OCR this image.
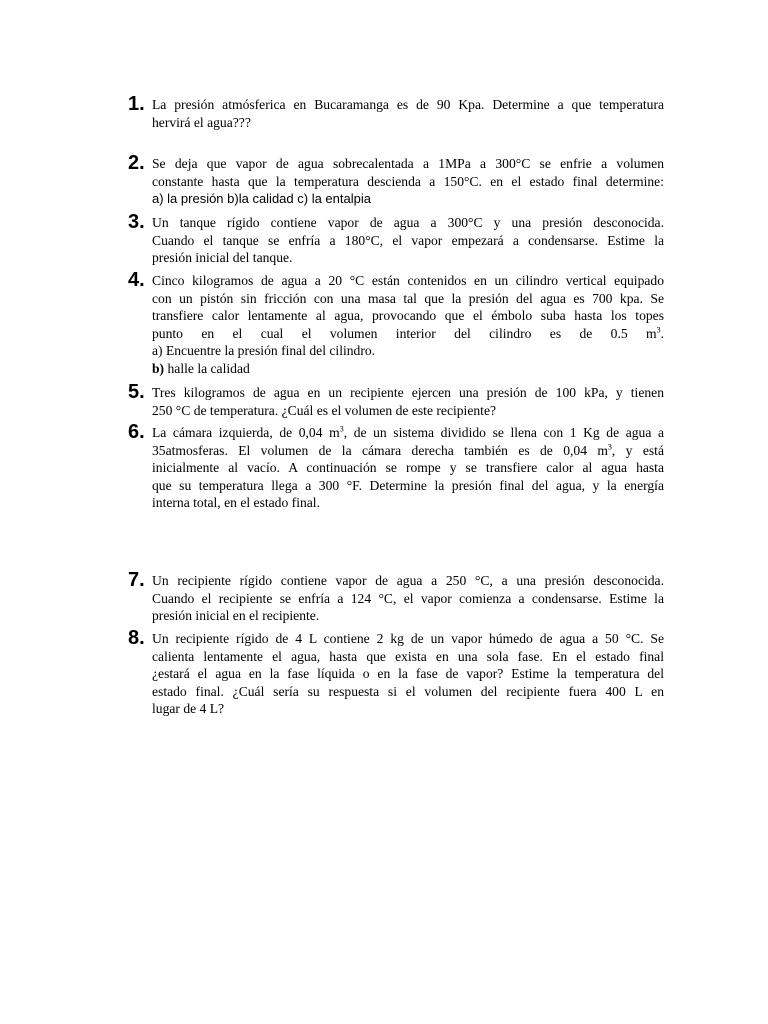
1. La presión atmósferica en Bucaramanga es de 90 Kpa. Determine a que temperatura
hervirá el agua???
2. Se deja que vapor de agua sobrecalentada a 1MPa a 300°C se enfrie a volumen
constante hasta que la temperatura descienda a 150°C. en el estado final determine:
a) la presión b)la calidad c) la entalpia
3. Un tanque rígido contiene vapor de agua a 300°C y una presión desconocida.
Cuando el tanque se enfría a 180°C, el vapor empezará a condensarse. Estime la
presión inicial del tanque.
4. Cinco kilogramos de agua a 20 °C están contenidos en un cilindro vertical equipado
con un pistón sin fricción con una masa tal que la presión del agua es 700 kpa. Se
transfiere calor lentamente al agua, provocando que el émbolo suba hasta los topes
punto en el cual el volumen interior del cilindro es de 0.5 $m^3$.
a) Encuentre la presión final del cilindro.
b) halle la calidad
5. Tres kilogramos de agua en un recipiente ejercen una presión de 100 kPa, y tienen
250 °C de temperatura. ¿Cuál es el volumen de este recipiente?
6. La cámara izquierda, de 0,04 $m^3$, de un sistema dividido se llena con 1 Kg de agua a
35atmosferas. El volumen de la cámara derecha también es de 0,04 $m^3$, y está
inicialmente al vacío. A continuación se rompe y se transfiere calor al agua hasta
que su temperatura llega a 300 °F. Determine la presión final del agua, y la energía
interna total, en el estado final.
7. Un recipiente rígido contiene vapor de agua a 250 °C, a una presión desconocida.
Cuando el recipiente se enfría a 124 °C, el vapor comienza a condensarse. Estime la
presión inicial en el recipiente.
8. Un recipiente rígido de 4 L contiene 2 kg de un vapor húmedo de agua a 50 °C. Se
calienta lentamente el agua, hasta que exista en una sola fase. En el estado final
¿estará el agua en la fase líquida o en la fase de vapor? Estime la temperatura del
estado final. ¿Cuál sería su respuesta si el volumen del recipiente fuera 400 L en
lugar de 4 L?
